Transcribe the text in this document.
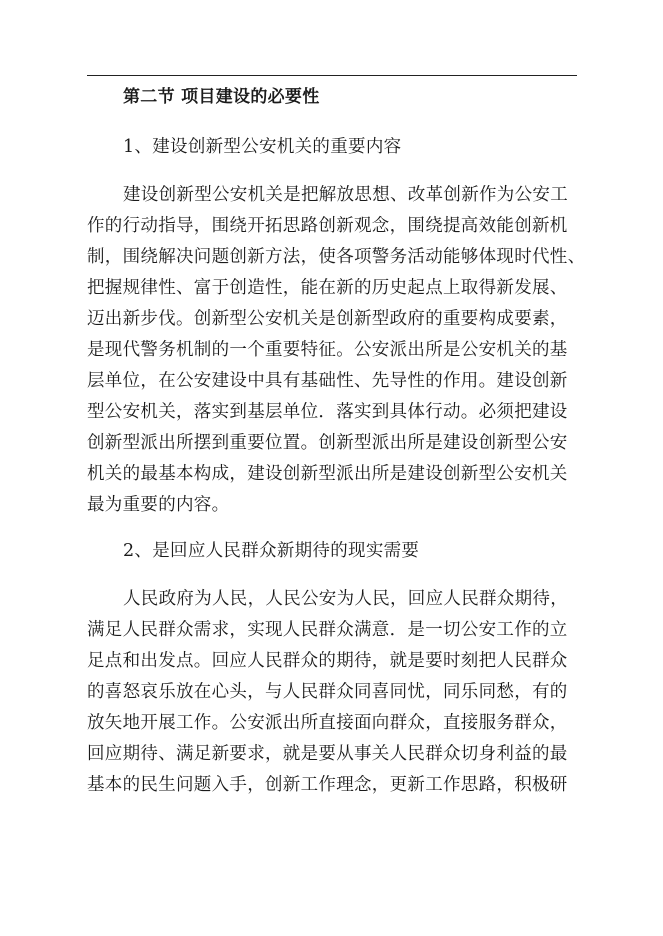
第二节 项目建设的必要性
1、建设创新型公安机关的重要内容
建设创新型公安机关是把解放思想、改革创新作为公安工
作的行动指导，围绕开拓思路创新观念，围绕提高效能创新机
制，围绕解决问题创新方法，使各项警务活动能够体现时代性、
把握规律性、富于创造性，能在新的历史起点上取得新发展、
迈出新步伐。创新型公安机关是创新型政府的重要构成要素，
是现代警务机制的一个重要特征。公安派出所是公安机关的基
层单位，在公安建设中具有基础性、先导性的作用。建设创新
型公安机关，落实到基层单位．落实到具体行动。必须把建设
创新型派出所摆到重要位置。创新型派出所是建设创新型公安
机关的最基本构成，建设创新型派出所是建设创新型公安机关
最为重要的内容。
2、是回应人民群众新期待的现实需要
人民政府为人民，人民公安为人民，回应人民群众期待，
满足人民群众需求，实现人民群众满意．是一切公安工作的立
足点和出发点。回应人民群众的期待，就是要时刻把人民群众
的喜怒哀乐放在心头，与人民群众同喜同忧，同乐同愁，有的
放矢地开展工作。公安派出所直接面向群众，直接服务群众，
回应期待、满足新要求，就是要从事关人民群众切身利益的最
基本的民生问题入手，创新工作理念，更新工作思路，积极研
